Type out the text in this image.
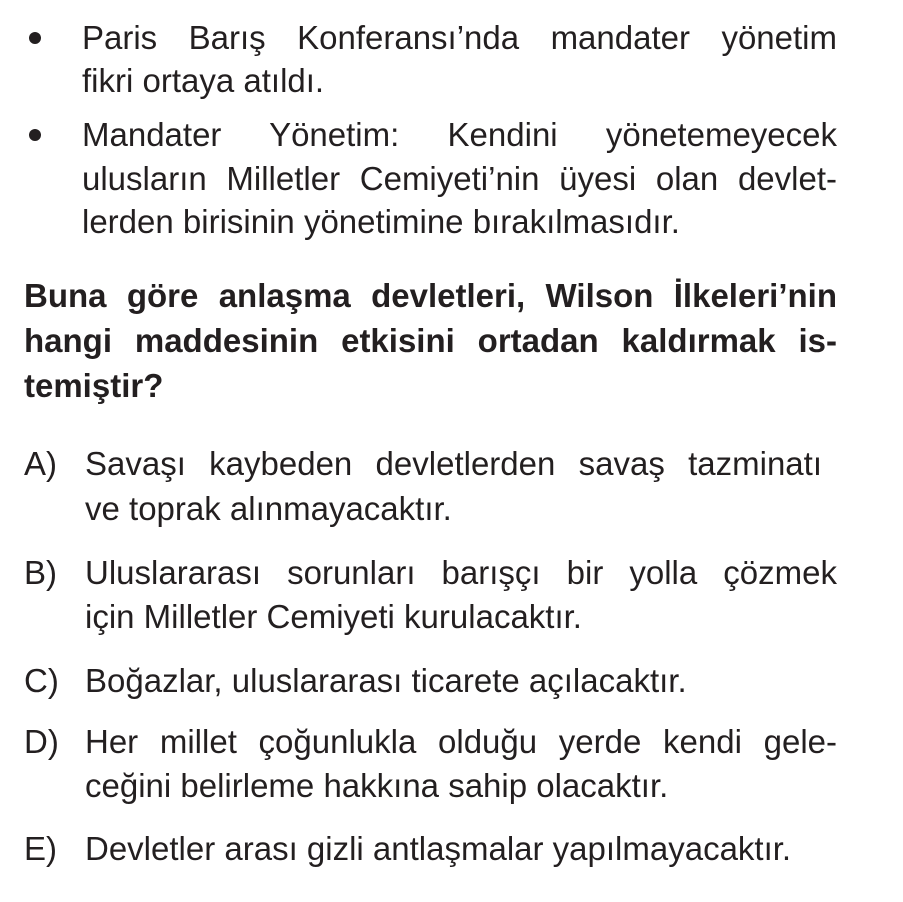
Paris Barış Konferansı’nda mandater yönetim
fikri ortaya atıldı.
Mandater Yönetim: Kendini yönetemeyecek
ulusların Milletler Cemiyeti’nin üyesi olan devlet-
lerden birisinin yönetimine bırakılmasıdır.
Buna göre anlaşma devletleri, Wilson İlkeleri’nin
hangi maddesinin etkisini ortadan kaldırmak is-
temiştir?
A) Savaşı kaybeden devletlerden savaş tazminatı
ve toprak alınmayacaktır.
B) Uluslararası sorunları barışçı bir yolla çözmek
için Milletler Cemiyeti kurulacaktır.
C) Boğazlar, uluslararası ticarete açılacaktır.
D) Her millet çoğunlukla olduğu yerde kendi gele-
ceğini belirleme hakkına sahip olacaktır.
E) Devletler arası gizli antlaşmalar yapılmayacaktır.
